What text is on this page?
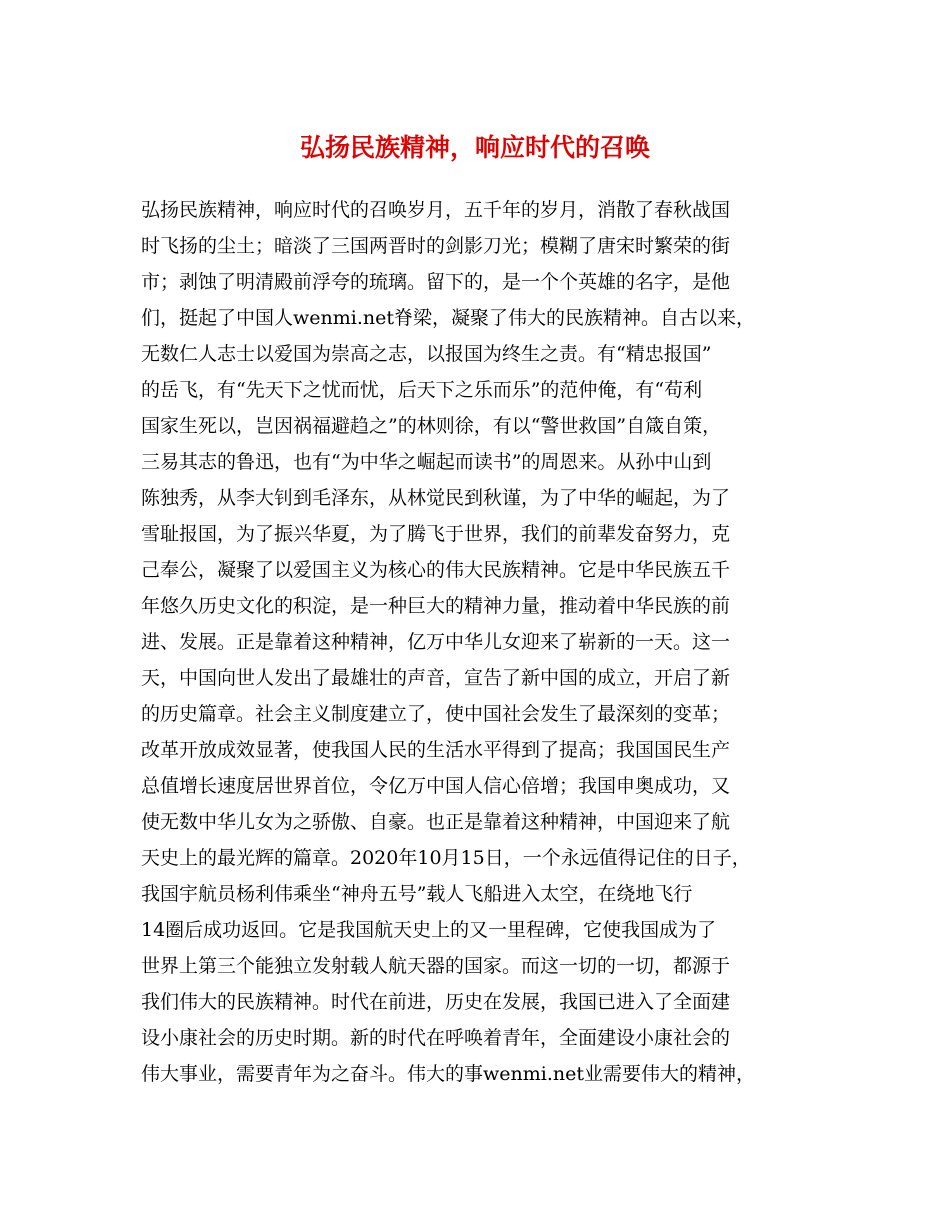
弘扬民族精神，响应时代的召唤
弘扬民族精神，响应时代的召唤岁月，五千年的岁月，消散了春秋战国
时飞扬的尘土；暗淡了三国两晋时的剑影刀光；模糊了唐宋时繁荣的街
市；剥蚀了明清殿前浮夸的琉璃。留下的，是一个个英雄的名字，是他
们，挺起了中国人wenmi.net脊梁，凝聚了伟大的民族精神。自古以来，
无数仁人志士以爱国为崇高之志，以报国为终生之责。有“精忠报国”
的岳飞，有“先天下之忧而忧，后天下之乐而乐”的范仲俺，有“苟利
国家生死以，岂因祸福避趋之”的林则徐，有以“警世救国”自箴自策，
三易其志的鲁迅，也有“为中华之崛起而读书”的周恩来。从孙中山到
陈独秀，从李大钊到毛泽东，从林觉民到秋谨，为了中华的崛起，为了
雪耻报国，为了振兴华夏，为了腾飞于世界，我们的前辈发奋努力，克
己奉公，凝聚了以爱国主义为核心的伟大民族精神。它是中华民族五千
年悠久历史文化的积淀，是一种巨大的精神力量，推动着中华民族的前
进、发展。正是靠着这种精神，亿万中华儿女迎来了崭新的一天。这一
天，中国向世人发出了最雄壮的声音，宣告了新中国的成立，开启了新
的历史篇章。社会主义制度建立了，使中国社会发生了最深刻的变革；
改革开放成效显著，使我国人民的生活水平得到了提高；我国国民生产
总值增长速度居世界首位，令亿万中国人信心倍增；我国申奥成功，又
使无数中华儿女为之骄傲、自豪。也正是靠着这种精神，中国迎来了航
天史上的最光辉的篇章。2020年10月15日，一个永远值得记住的日子，
我国宇航员杨利伟乘坐“神舟五号”载人飞船进入太空，在绕地飞行
14圈后成功返回。它是我国航天史上的又一里程碑，它使我国成为了
世界上第三个能独立发射载人航天器的国家。而这一切的一切，都源于
我们伟大的民族精神。时代在前进，历史在发展，我国已进入了全面建
设小康社会的历史时期。新的时代在呼唤着青年，全面建设小康社会的
伟大事业，需要青年为之奋斗。伟大的事wenmi.net业需要伟大的精神，
